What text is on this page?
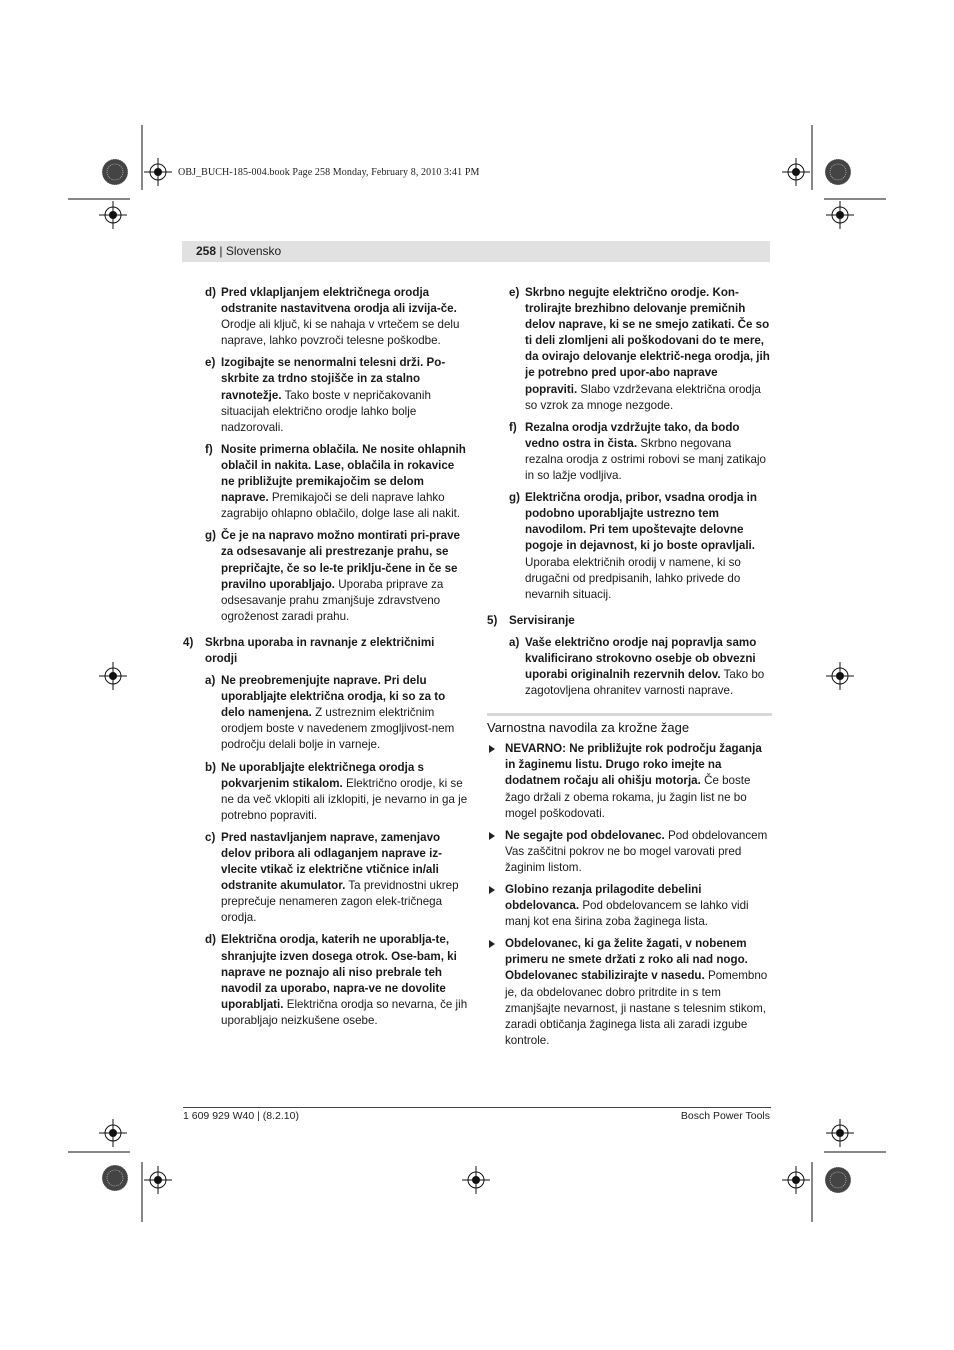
OBJ_BUCH-185-004.book Page 258 Monday, February 8, 2010 3:41 PM
258 | Slovensko
d) Pred vklapljanjem električnega orodja odstranite nastavitvena orodja ali izvija-če. Orodje ali ključ, ki se nahaja v vrtečem se delu naprave, lahko povzroči telesne poškodbe.
e) Izogibajte se nenormalni telesni drži. Po-skrbite za trdno stojišče in za stalno ravnotežje. Tako boste v nepričakovanih situacijah električno orodje lahko bolje nadzorovali.
f) Nosite primerna oblačila. Ne nosite ohlapnih oblačil in nakita. Lase, oblačila in rokavice ne približujte premikajočim se delom naprave. Premikajoči se deli naprave lahko zagrabijo ohlapno oblačilo, dolge lase ali nakit.
g) Če je na napravo možno montirati pri-prave za odsesavanje ali prestrezanje prahu, se prepričajte, če so le-te priklju-čene in če se pravilno uporabljajo. Uporaba priprave za odsesavanje prahu zmanjšuje zdravstveno ogroženost zaradi prahu.
4) Skrbna uporaba in ravnanje z električnimi orodji
a) Ne preobremenjujte naprave. Pri delu uporabljajte električna orodja, ki so za to delo namenjena. Z ustreznim električnim orodjem boste v navedenem zmogljivost-nem področju delali bolje in varneje.
b) Ne uporabljajte električnega orodja s pokvarjenim stikalom. Električno orodje, ki se ne da več vklopiti ali izklopiti, je nevarno in ga je potrebno popraviti.
c) Pred nastavljanjem naprave, zamenjavo delov pribora ali odlaganjem naprave iz-vlecite vtikač iz električne vtičnice in/ali odstranite akumulator. Ta previdnostni ukrep preprečuje nenameren zagon elek-tričnega orodja.
d) Električna orodja, katerih ne uporablja-te, shranjujte izven dosega otrok. Ose-bam, ki naprave ne poznajo ali niso prebrale teh navodil za uporabo, napra-ve ne dovolite uporabljati. Električna orodja so nevarna, če jih uporabljajo neizkušene osebe.
e) Skrbno negujte električno orodje. Kon-trolirajte brezhibno delovanje premičnih delov naprave, ki se ne smejo zatikati. Če so ti deli zlomljeni ali poškodovani do te mere, da ovirajo delovanje električ-nega orodja, jih je potrebno pred upor-abo naprave popraviti. Slabo vzdrževana električna orodja so vzrok za mnoge nezgode.
f) Rezalna orodja vzdržujte tako, da bodo vedno ostra in čista. Skrbno negovana rezalna orodja z ostrimi robovi se manj zatikajo in so lažje vodljiva.
g) Električna orodja, pribor, vsadna orodja in podobno uporabljajte ustrezno tem navodilom. Pri tem upoštevajte delovne pogoje in dejavnost, ki jo boste opravljali. Uporaba električnih orodij v namene, ki so drugačni od predpisanih, lahko privede do nevarnih situacij.
5) Servisiranje
a) Vaše električno orodje naj popravlja samo kvalificirano strokovno osebje ob obvezni uporabi originalnih rezervnih delov. Tako bo zagotovljena ohranitev varnosti naprave.
Varnostna navodila za krožne žage
NEVARNO: Ne približujte rok področju žaganja in žaginemu listu. Drugo roko imejte na dodatnem ročaju ali ohišju motorja. Če boste žago držali z obema rokama, ju žagin list ne bo mogel poškodovati.
Ne segajte pod obdelovanec. Pod obdelovancem Vas zaščitni pokrov ne bo mogel varovati pred žaginim listom.
Globino rezanja prilagodite debelini obdelovanca. Pod obdelovancem se lahko vidi manj kot ena širina zoba žaginega lista.
Obdelovanec, ki ga želite žagati, v nobenem primeru ne smete držati z roko ali nad nogo. Obdelovanec stabilizirajte v nasedu. Pomembno je, da obdelovanec dobro pritrdite in s tem zmanjšajte nevarnost, ji nastane s telesnim stikom, zaradi obtičanja žaginega lista ali zaradi izgube kontrole.
1 609 929 W40 | (8.2.10)	Bosch Power Tools
